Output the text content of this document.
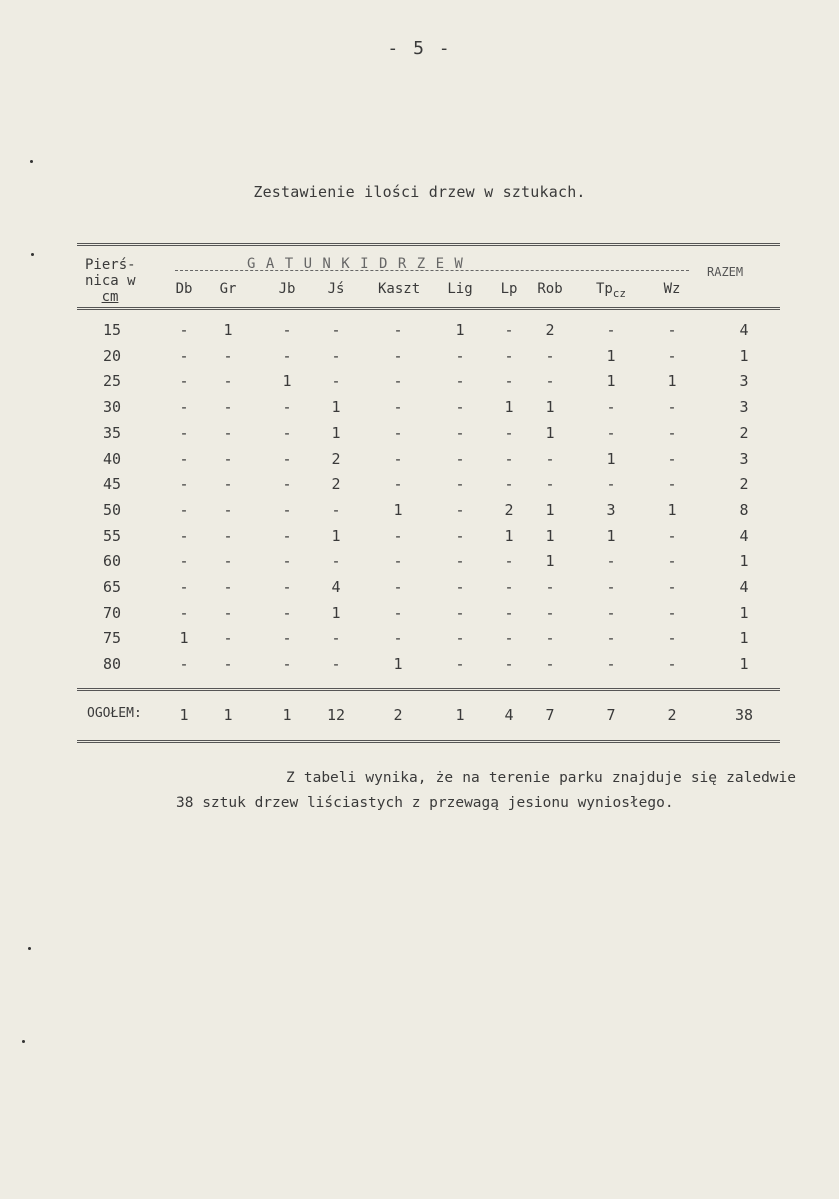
- 5 -
Zestawienie ilości drzew w sztukach.
Pierś-
nica w
cm
G A T U N K I D R Z E W	RAZEM
Db	Gr	Jb	Jś	Kaszt	Lig	Lp	Rob	$Tp_{cz}$	Wz
15	-	1	-	-	-	1	-	2	-	-	4
20	-	-	-	-	-	-	-	-	1	-	1
25	-	-	1	-	-	-	-	-	1	1	3
30	-	-	-	1	-	-	1	1	-	-	3
35	-	-	-	1	-	-	-	1	-	-	2
40	-	-	-	2	-	-	-	-	1	-	3
45	-	-	-	2	-	-	-	-	-	-	2
50	-	-	-	-	1	-	2	1	3	1	8
55	-	-	-	1	-	-	1	1	1	-	4
60	-	-	-	-	-	-	-	1	-	-	1
65	-	-	-	4	-	-	-	-	-	-	4
70	-	-	-	1	-	-	-	-	-	-	1
75	1	-	-	-	-	-	-	-	-	-	1
80	-	-	-	-	1	-	-	-	-	-	1
OGOŁEM:	1	1	1	12	2	1	4	7	7	2	38
Z tabeli wynika, że na terenie parku znajduje się zaledwie 38 sztuk drzew liściastych z przewagą jesionu wyniosłego.
